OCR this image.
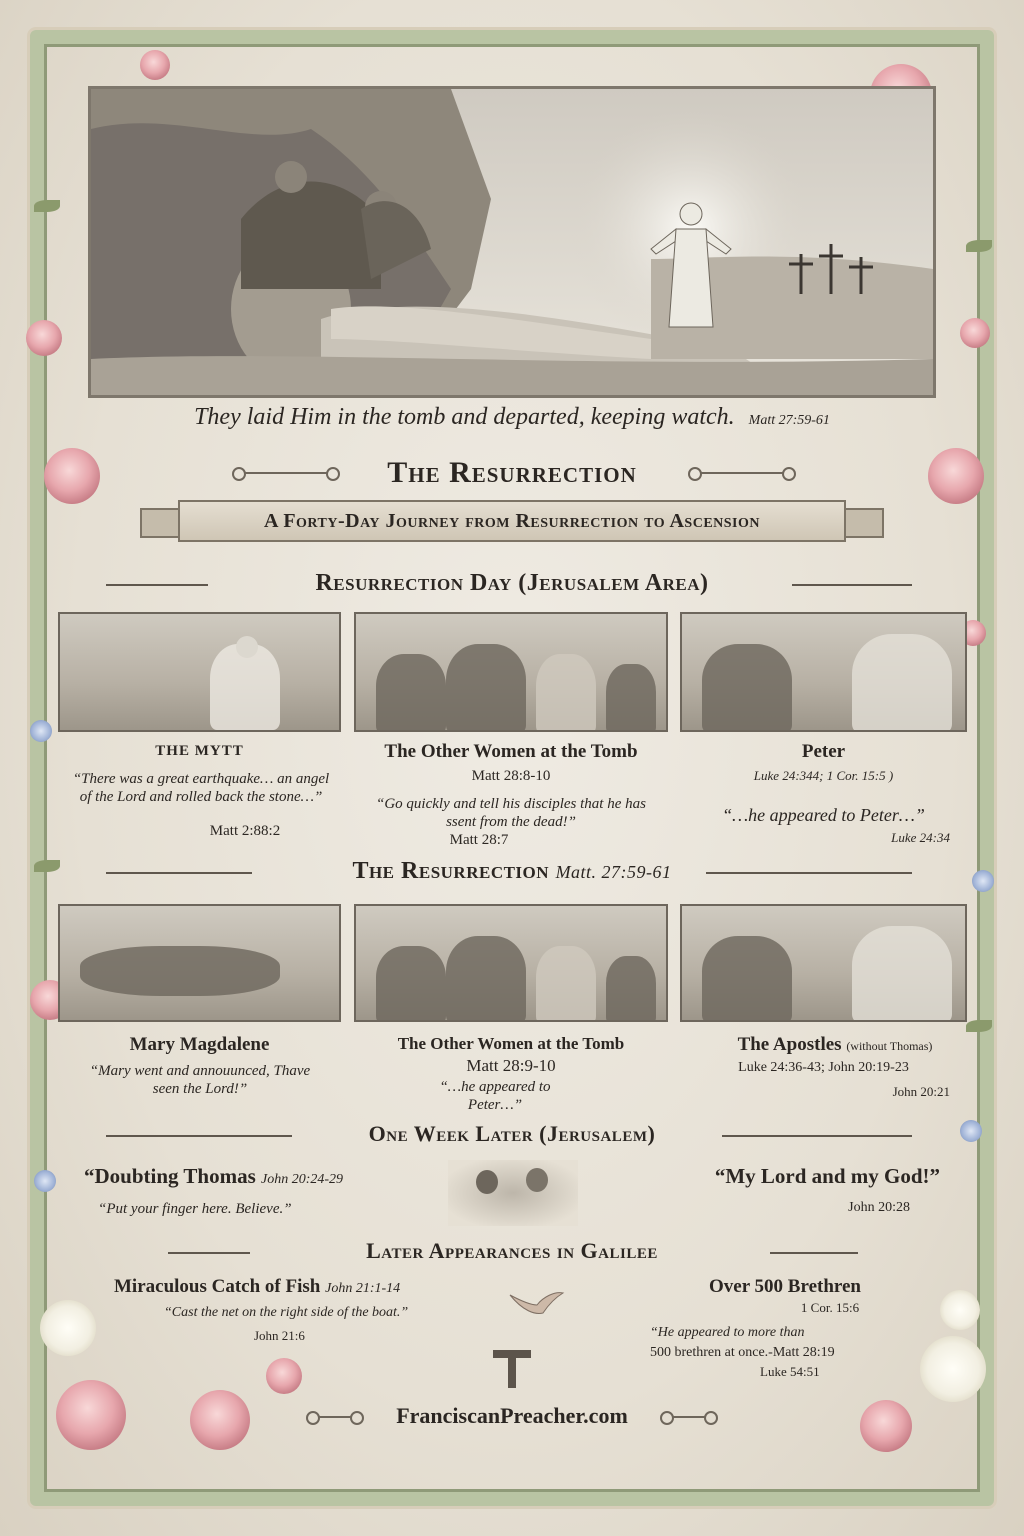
They laid Him in the tomb and departed, keeping watch. Matt 27:59-61
The Resurrection
A Forty-Day Journey from Resurrection to Ascension
Resurrection Day (Jerusalem Area)
THE MYTT
“There was a great earthquake… an angel of the Lord and rolled back the stone…”
Matt 2:88:2
The Other Women at the Tomb
Matt 28:8-10
“Go quickly and tell his disciples that he has ssent from the dead!”
Matt 28:7
Peter
Luke 24:344; 1 Cor. 15:5 )
“…he appeared to Peter…”
Luke 24:34
The Resurrection Matt. 27:59-61
Mary Magdalene
“Mary went and annouunced, Thave seen the Lord!”
The Other Women at the Tomb
Matt 28:9-10
“…he appeared to Peter…”
The Apostles (without Thomas)
Luke 24:36-43; John 20:19-23
John 20:21
One Week Later (Jerusalem)
“Doubting Thomas John 20:24-29
“Put your finger here. Believe.”
“My Lord and my God!”
John 20:28
Later Appearances in Galilee
Miraculous Catch of Fish John 21:1-14
“Cast the net on the right side of the boat.”
John 21:6
Over 500 Brethren
1 Cor. 15:6
“He appeared to more than
500 brethren at once.-Matt 28:19
Luke 54:51
FranciscanPreacher.com
